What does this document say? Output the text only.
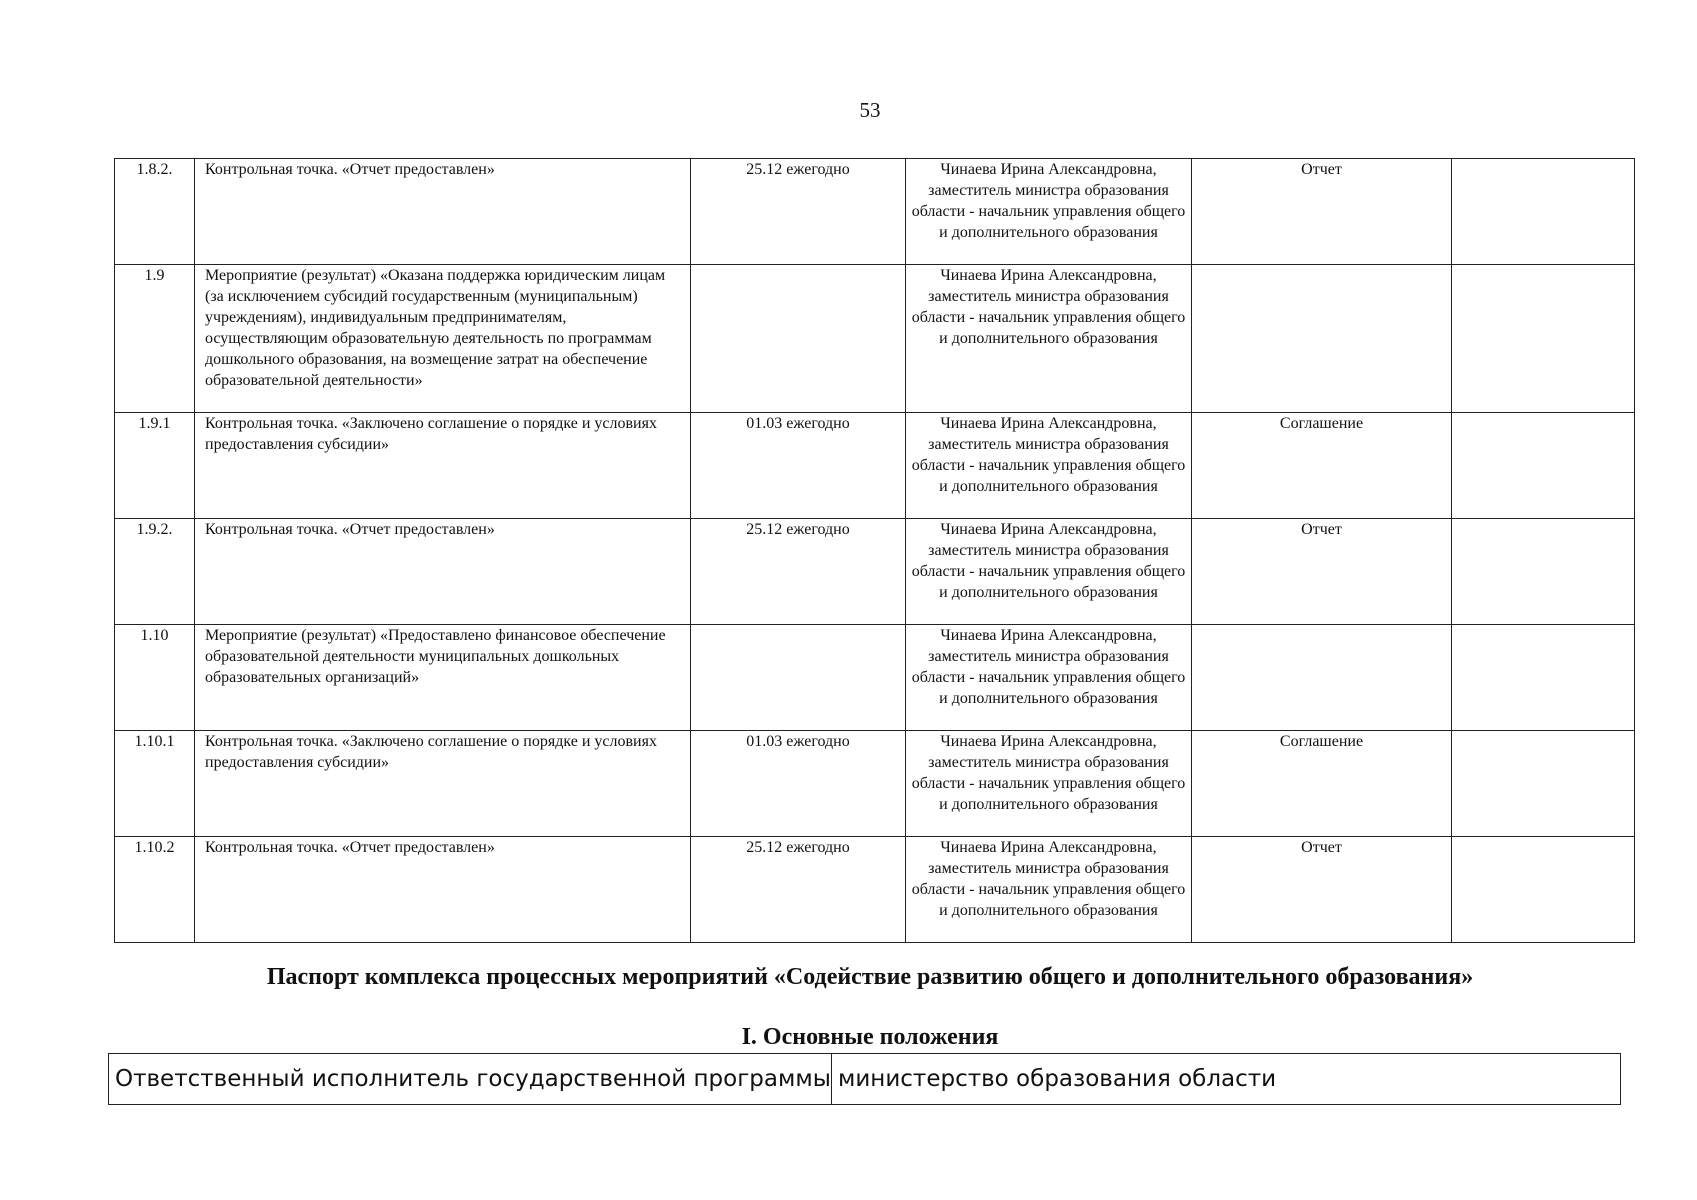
53
1.8.2.	Контрольная точка. «Отчет предоставлен»	25.12 ежегодно	Чинаева Ирина Александровна, заместитель министра образования области - начальник управления общего и дополнительного образования	Отчет	
1.9	Мероприятие (результат) «Оказана поддержка юридическим лицам (за исключением субсидий государственным (муниципальным) учреждениям), индивидуальным предпринимателям, осуществляющим образовательную деятельность по программам дошкольного образования, на возмещение затрат на обеспечение образовательной деятельности»		Чинаева Ирина Александровна, заместитель министра образования области - начальник управления общего и дополнительного образования		
1.9.1	Контрольная точка. «Заключено соглашение о порядке и условиях предоставления субсидии»	01.03 ежегодно	Чинаева Ирина Александровна, заместитель министра образования области - начальник управления общего и дополнительного образования	Соглашение	
1.9.2.	Контрольная точка. «Отчет предоставлен»	25.12 ежегодно	Чинаева Ирина Александровна, заместитель министра образования области - начальник управления общего и дополнительного образования	Отчет	
1.10	Мероприятие (результат) «Предоставлено финансовое обеспечение образовательной деятельности муниципальных дошкольных образовательных организаций»		Чинаева Ирина Александровна, заместитель министра образования области - начальник управления общего и дополнительного образования		
1.10.1	Контрольная точка. «Заключено соглашение о порядке и условиях предоставления субсидии»	01.03 ежегодно	Чинаева Ирина Александровна, заместитель министра образования области - начальник управления общего и дополнительного образования	Соглашение	
1.10.2	Контрольная точка. «Отчет предоставлен»	25.12 ежегодно	Чинаева Ирина Александровна, заместитель министра образования области - начальник управления общего и дополнительного образования	Отчет	
Паспорт комплекса процессных мероприятий «Содействие развитию общего и дополнительного образования»
I. Основные положения
Ответственный исполнитель государственной программы	министерство образования области
